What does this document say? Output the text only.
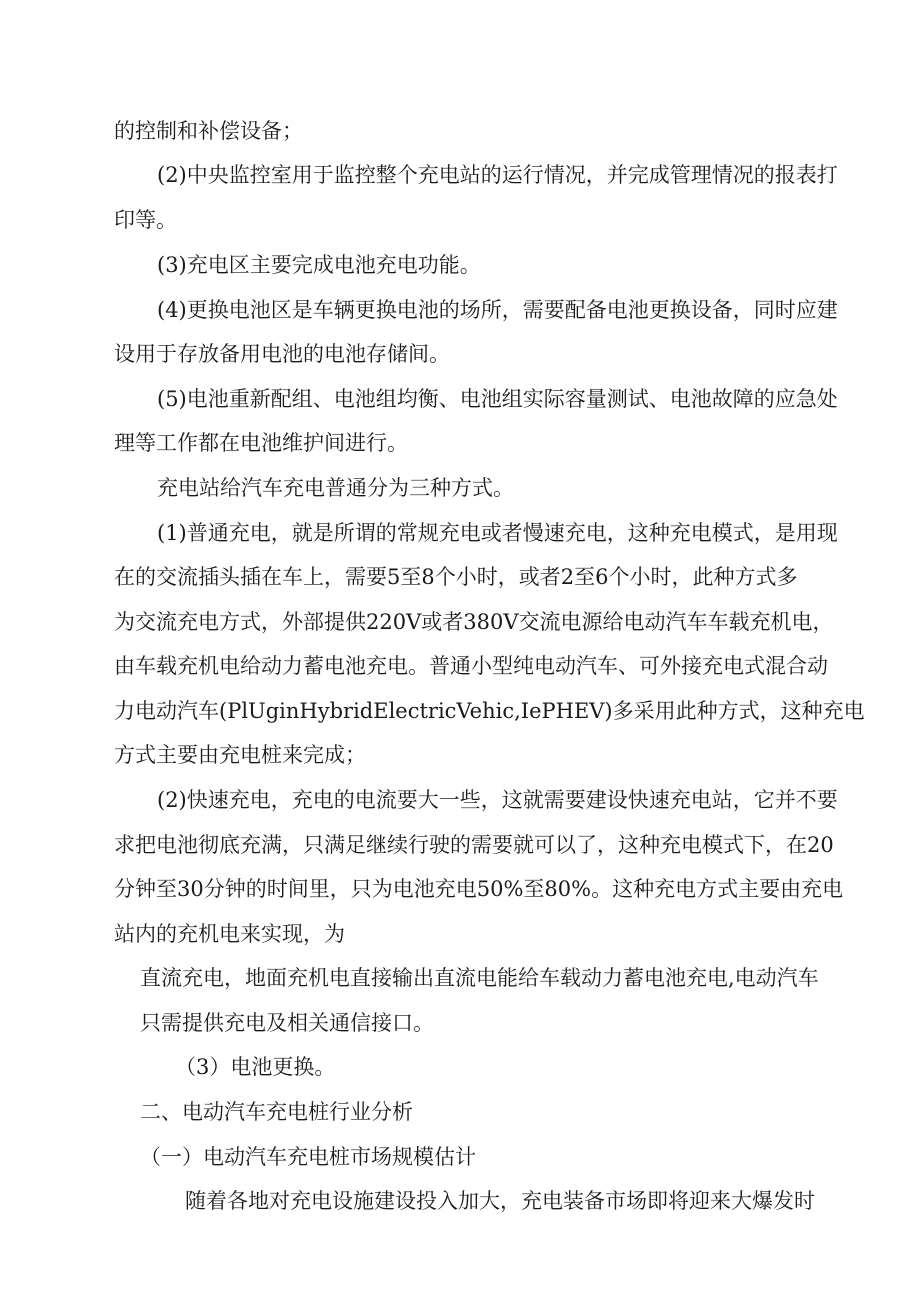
的控制和补偿设备；

(2)中央监控室用于监控整个充电站的运行情况，并完成管理情况的报表打

印等。

(3)充电区主要完成电池充电功能。

(4)更换电池区是车辆更换电池的场所，需要配备电池更换设备，同时应建

设用于存放备用电池的电池存储间。

(5)电池重新配组、电池组均衡、电池组实际容量测试、电池故障的应急处

理等工作都在电池维护间进行。

充电站给汽车充电普通分为三种方式。

(1)普通充电，就是所谓的常规充电或者慢速充电，这种充电模式，是用现

在的交流插头插在车上，需要5至8个小时，或者2至6个小时，此种方式多

为交流充电方式，外部提供220V或者380V交流电源给电动汽车车载充机电，

由车载充机电给动力蓄电池充电。普通小型纯电动汽车、可外接充电式混合动

力电动汽车(PlUginHybridElectricVehic,IePHEV)多采用此种方式，这种充电

方式主要由充电桩来完成；

(2)快速充电，充电的电流要大一些，这就需要建设快速充电站，它并不要

求把电池彻底充满，只满足继续行驶的需要就可以了，这种充电模式下，在20

分钟至30分钟的时间里，只为电池充电50%至80%。这种充电方式主要由充电

站内的充机电来实现，为

直流充电，地面充机电直接输出直流电能给车载动力蓄电池充电,电动汽车

只需提供充电及相关通信接口。

（3）电池更换。

二、电动汽车充电桩行业分析

（一）电动汽车充电桩市场规模估计

随着各地对充电设施建设投入加大，充电装备市场即将迎来大爆发时
